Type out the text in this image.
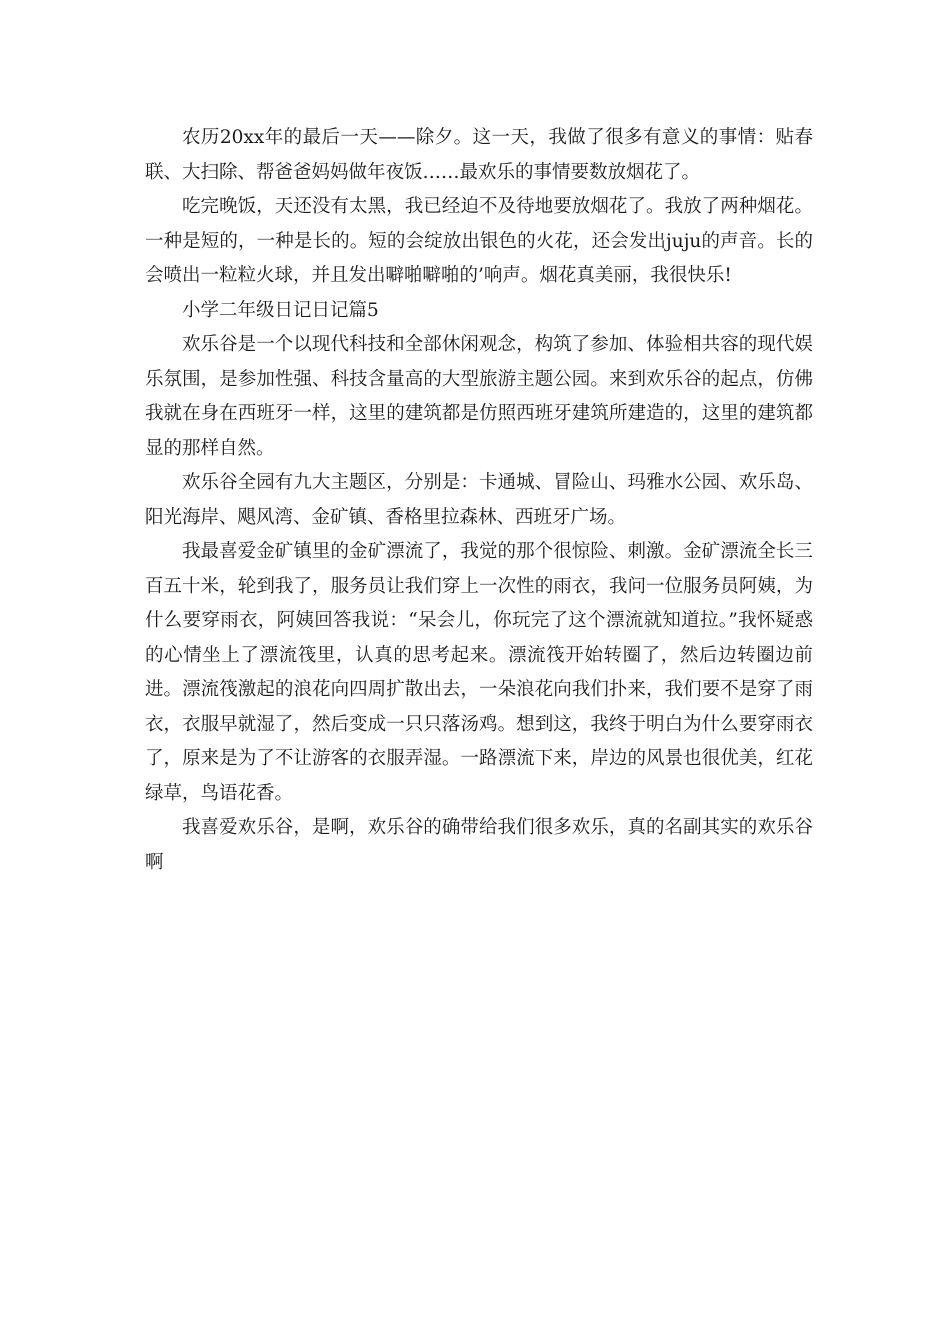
农历20xx年的最后一天——除夕。这一天，我做了很多有意义的事情：贴春联、大扫除、帮爸爸妈妈做年夜饭……最欢乐的事情要数放烟花了。

吃完晚饭，天还没有太黑，我已经迫不及待地要放烟花了。我放了两种烟花。一种是短的，一种是长的。短的会绽放出银色的火花，还会发出juju的声音。长的会喷出一粒粒火球，并且发出噼啪噼啪的’响声。烟花真美丽，我很快乐!

小学二年级日记日记篇5

欢乐谷是一个以现代科技和全部休闲观念，构筑了参加、体验相共容的现代娱乐氛围，是参加性强、科技含量高的大型旅游主题公园。来到欢乐谷的起点，仿佛我就在身在西班牙一样，这里的建筑都是仿照西班牙建筑所建造的，这里的建筑都显的那样自然。

欢乐谷全园有九大主题区，分别是：卡通城、冒险山、玛雅水公园、欢乐岛、阳光海岸、飓风湾、金矿镇、香格里拉森林、西班牙广场。

我最喜爱金矿镇里的金矿漂流了，我觉的那个很惊险、刺激。金矿漂流全长三百五十米，轮到我了，服务员让我们穿上一次性的雨衣，我问一位服务员阿姨，为什么要穿雨衣，阿姨回答我说：“呆会儿，你玩完了这个漂流就知道拉。”我怀疑惑的心情坐上了漂流筏里，认真的思考起来。漂流筏开始转圈了，然后边转圈边前进。漂流筏激起的浪花向四周扩散出去，一朵浪花向我们扑来，我们要不是穿了雨衣，衣服早就湿了，然后变成一只只落汤鸡。想到这，我终于明白为什么要穿雨衣了，原来是为了不让游客的衣服弄湿。一路漂流下来，岸边的风景也很优美，红花绿草，鸟语花香。

我喜爱欢乐谷，是啊，欢乐谷的确带给我们很多欢乐，真的名副其实的欢乐谷啊
